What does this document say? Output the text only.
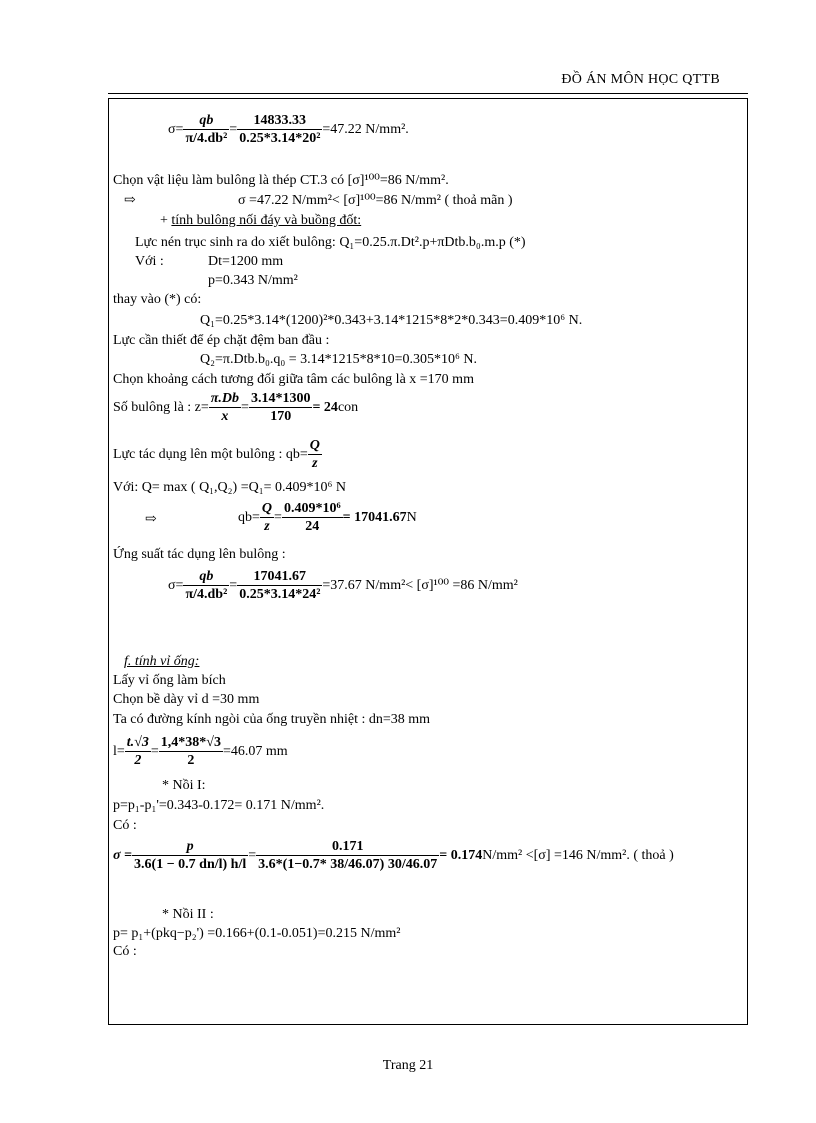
ĐỒ ÁN MÔN HỌC QTTB
$\sigma= \frac{qb}{\text{π/4.db²}} = \frac{14833.33}{\text{0.25*3.14*20²}} =47.22$ N/mm².
Chọn vật liệu làm bulông là thép CT.3 có [σ]¹⁰⁰=86 N/mm².
⇨	σ =47.22 N/mm²< [σ]¹⁰⁰=86 N/mm² ( thoả mãn )
+ tính bulông nối đáy và buồng đốt:
Lực nén trục sinh ra do xiết bulông: Q₁=0.25.π.Dt².p+πDtb.b₀.m.p (*)
Với :	Dt=1200 mm
p=0.343 N/mm²
thay vào (*) có:
Q₁=0.25*3.14*(1200)²*0.343+3.14*1215*8*2*0.343=0.409*10⁶ N.
Lực cần thiết để ép chặt đệm ban đầu :
Q₂=π.Dtb.b₀.q₀ = 3.14*1215*8*10=0.305*10⁶ N.
Chọn khoảng cách tương đối giữa tâm các bulông là x =170 mm
Số bulông là : $z= \frac{\pi.Db}{x} = \frac{3.14*1300}{170} = 24con$
Lực tác dụng lên một bulông : $qb= \frac{Q}{z}$
Với: Q= max ( Q₁,Q₂) =Q₁= 0.409*10⁶ N
⇨	$qb= \frac{Q}{z} = \frac{\text{0.409*10⁶}}{24} = 17041.67N$
Ứng suất tác dụng lên bulông :
$\sigma= \frac{qb}{\text{π/4.db²}} = \frac{17041.67}{\text{0.25*3.14*24²}} =37.67$ N/mm²< [σ]¹⁰⁰ =86 N/mm²
f. tính vỉ ống:
Lấy vỉ ống làm bích
Chọn bề dày vỉ d =30 mm
Ta có đường kính ngòi của ống truyền nhiệt : dn=38 mm
$l= \frac{t.√3}{2} = \frac{1,4*38*√3}{2} =46.07$ mm
* Nồi I:
p=p₁-p₁'=0.343-0.172= 0.171 N/mm².
Có :
$\sigma = \frac{p}{3.6(1 - 0.7 dn/l) h/l} = \frac{0.171}{3.6*(1-0.7* 38/46.07) 30/46.07} = 0.174N/mm^2 <[\sigma] =146$ N/mm². ( thoả )
* Nồi II :
p= p₁+(pkq−p₂') =0.166+(0.1-0.051)=0.215 N/mm²
Có :
Trang 21
